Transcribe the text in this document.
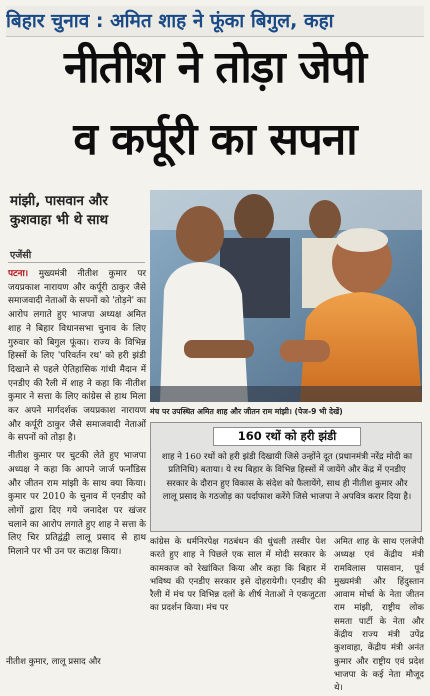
बिहार चुनाव : अमित शाह ने फूंका बिगुल, कहा
नीतीश ने तोड़ा जेपी
व कर्पूरी का सपना
मांझी, पासवान और कुशवाहा भी थे साथ
एजेंसी

पटना। मुख्यमंत्री नीतीश कुमार पर जयप्रकाश नारायण और कर्पूरी ठाकुर जैसे समाजवादी नेताओं के सपनों को 'तोड़ने' का आरोप लगाते हुए भाजपा अध्यक्ष अमित शाह ने बिहार विधानसभा चुनाव के लिए गुरुवार को बिगुल फूंका। राज्य के विभिन्न हिस्सों के लिए 'परिवर्तन रथ' को हरी झंडी दिखाने से पहले ऐतिहासिक गांधी मैदान में एनडीए की रैली में शाह ने कहा कि नीतीश कुमार ने सत्ता के लिए कांग्रेस से हाथ मिला कर अपने मार्गदर्शक जयप्रकाश नारायण और कर्पूरी ठाकुर जैसे समाजवादी नेताओं के सपनों को तोड़ा है।

नीतीश कुमार पर चुटकी लेते हुए भाजपा अध्यक्ष ने कहा कि आपने जार्ज फर्नांडिस और जीतन राम मांझी के साथ क्या किया। कुमार पर 2010 के चुनाव में एनडीए को लोगों द्वारा दिए गये जनादेश पर खंजर चलाने का आरोप लगाते हुए शाह ने सत्ता के लिए चिर प्रतिद्वंद्वी लालू प्रसाद से हाथ मिलाने पर भी उन पर कटाक्ष किया।

मंच पर उपस्थित अमित शाह और जीतन राम मांझी। (पेज-9 भी देखें)
160 रथों को हरी झंडी
शाह ने 160 रथों को हरी झंडी दिखायी जिसे उन्होंने दूत (प्रधानमंत्री नरेंद्र मोदी का प्रतिनिधि) बताया। ये रथ बिहार के विभिन्न हिस्सों में जायेंगे और केंद्र में एनडीए सरकार के दौरान हुए विकास के संदेश को फैलायेंगे, साथ ही नीतीश कुमार और लालू प्रसाद के गठजोड़ का पर्दाफाश करेंगे जिसे भाजपा ने अपवित्र करार दिया है।

नीतीश कुमार, लालू प्रसाद और

कांग्रेस के धर्मनिरपेक्ष गठबंधन की धुंधली तस्वीर पेश करते हुए शाह ने पिछले एक साल में मोदी सरकार के कामकाज को रेखांकित किया और कहा कि बिहार में भविष्य की एनडीए सरकार इसे दोहरायेगी। एनडीए की रैली में मंच पर विभिन्न दलों के शीर्ष नेताओं ने एकजुटता का प्रदर्शन किया। मंच पर

अमित शाह के साथ एलजेपी अध्यक्ष एवं केंद्रीय मंत्री रामविलास पासवान, पूर्व मुख्यमंत्री और हिंदुस्तान आवाम मोर्चा के नेता जीतन राम मांझी, राष्ट्रीय लोक समता पार्टी के नेता और केंद्रीय राज्य मंत्री उपेंद्र कुशवाहा, केंद्रीय मंत्री अनंत कुमार और राष्ट्रीय एवं प्रदेश भाजपा के कई नेता मौजूद थे।
